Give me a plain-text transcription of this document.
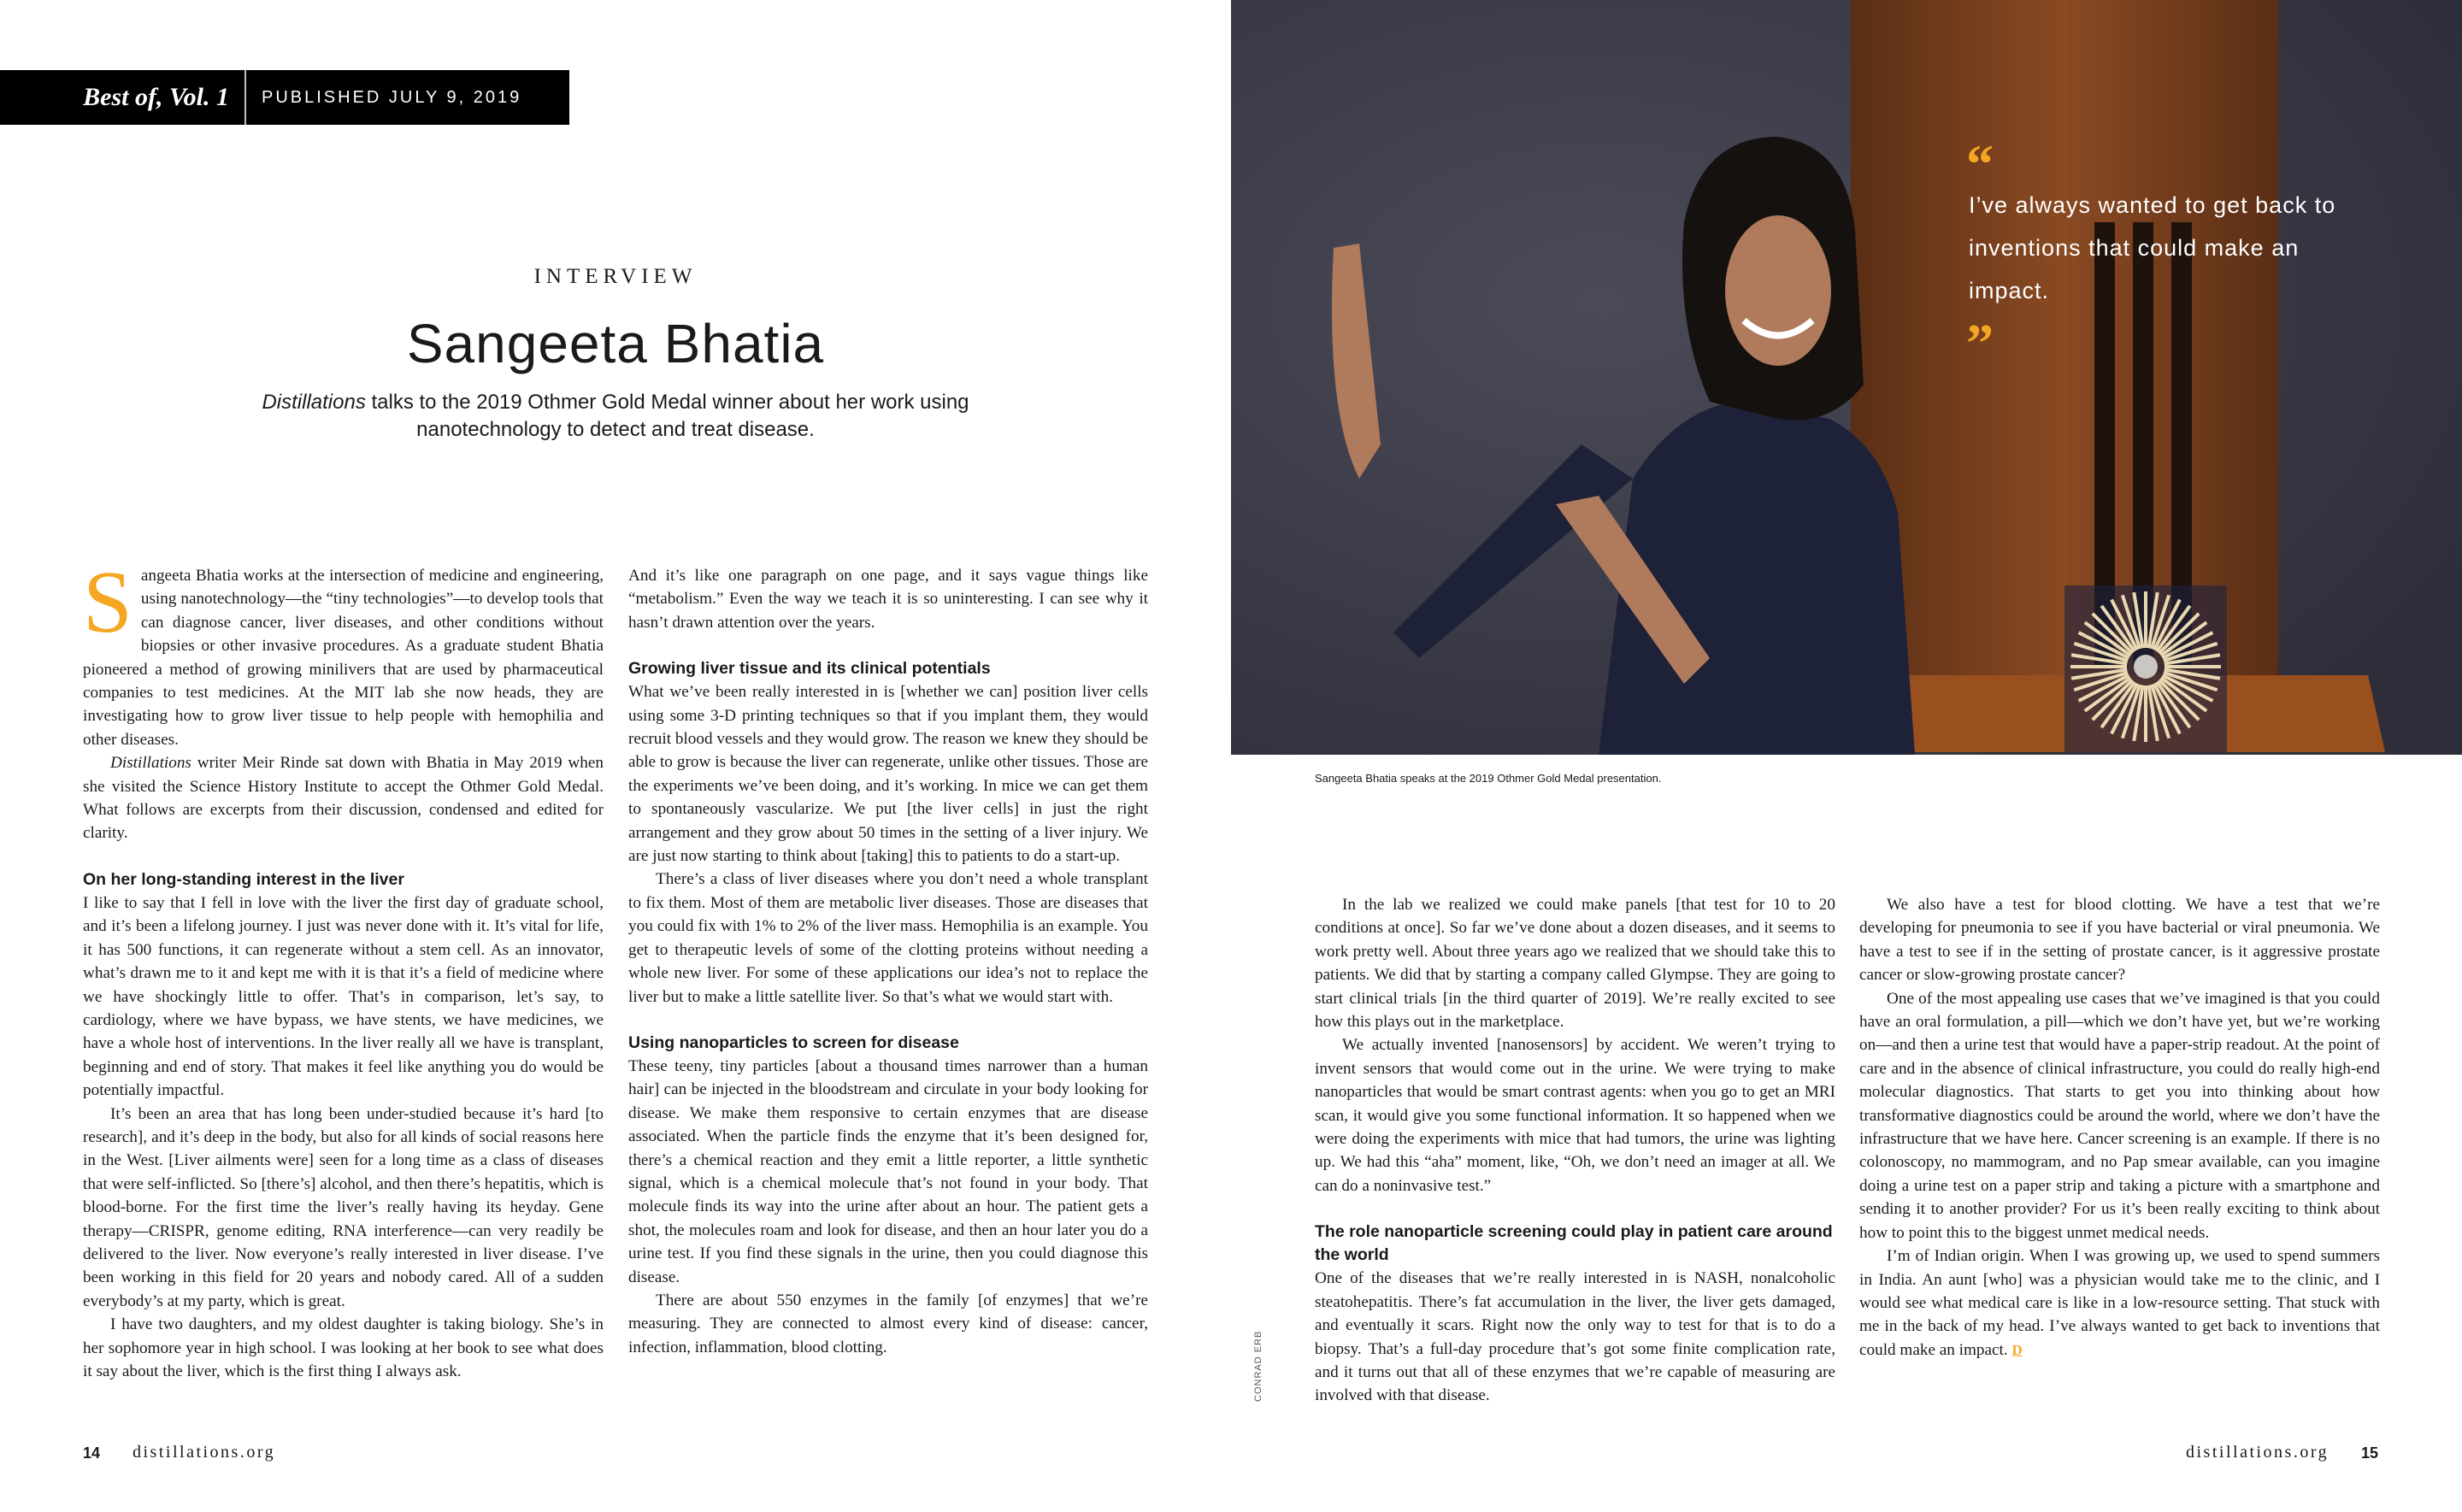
Best of, Vol. 1	PUBLISHED JULY 9, 2019
INTERVIEW
Sangeeta Bhatia
Distillations talks to the 2019 Othmer Gold Medal winner about her work using nanotechnology to detect and treat disease.

Sangeeta Bhatia works at the intersection of medicine and engineering, using nanotechnology—the “tiny technologies”—to develop tools that can diagnose cancer, liver diseases, and other conditions without biopsies or other invasive procedures. As a graduate student Bhatia pioneered a method of growing minilivers that are used by pharmaceutical companies to test medicines. At the MIT lab she now heads, they are investigating how to grow liver tissue to help people with hemophilia and other diseases.

Distillations writer Meir Rinde sat down with Bhatia in May 2019 when she visited the Science History Institute to accept the Othmer Gold Medal. What follows are excerpts from their discussion, condensed and edited for clarity.

On her long-standing interest in the liver

I like to say that I fell in love with the liver the first day of graduate school, and it’s been a lifelong journey. I just was never done with it. It’s vital for life, it has 500 functions, it can regenerate without a stem cell. As an innovator, what’s drawn me to it and kept me with it is that it’s a field of medicine where we have shockingly little to offer. That’s in comparison, let’s say, to cardiology, where we have bypass, we have stents, we have medicines, we have a whole host of interventions. In the liver really all we have is transplant, beginning and end of story. That makes it feel like anything you do would be potentially impactful.

It’s been an area that has long been under-studied because it’s hard [to research], and it’s deep in the body, but also for all kinds of social reasons here in the West. [Liver ailments were] seen for a long time as a class of diseases that were self-inflicted. So [there’s] alcohol, and then there’s hepatitis, which is blood-borne. For the first time the liver’s really having its heyday. Gene therapy—CRISPR, genome editing, RNA interference—can very readily be delivered to the liver. Now everyone’s really interested in liver disease. I’ve been working in this field for 20 years and nobody cared. All of a sudden everybody’s at my party, which is great.

I have two daughters, and my oldest daughter is taking biology. She’s in her sophomore year in high school. I was looking at her book to see what does it say about the liver, which is the first thing I always ask.

And it’s like one paragraph on one page, and it says vague things like “metabolism.” Even the way we teach it is so uninteresting. I can see why it hasn’t drawn attention over the years.

Growing liver tissue and its clinical potentials

What we’ve been really interested in is [whether we can] position liver cells using some 3-D printing techniques so that if you implant them, they would recruit blood vessels and they would grow. The reason we knew they should be able to grow is because the liver can regenerate, unlike other tissues. Those are the experiments we’ve been doing, and it’s working. In mice we can get them to spontaneously vascularize. We put [the liver cells] in just the right arrangement and they grow about 50 times in the setting of a liver injury. We are just now starting to think about [taking] this to patients to do a start-up.

There’s a class of liver diseases where you don’t need a whole transplant to fix them. Most of them are metabolic liver diseases. Those are diseases that you could fix with 1% to 2% of the liver mass. Hemophilia is an example. You get to therapeutic levels of some of the clotting proteins without needing a whole new liver. For some of these applications our idea’s not to replace the liver but to make a little satellite liver. So that’s what we would start with.

Using nanoparticles to screen for disease

These teeny, tiny particles [about a thousand times narrower than a human hair] can be injected in the bloodstream and circulate in your body looking for disease. We make them responsive to certain enzymes that are disease associated. When the particle finds the enzyme that it’s been designed for, there’s a chemical reaction and they emit a little reporter, a little synthetic signal, which is a chemical molecule that’s not found in your body. That molecule finds its way into the urine after about an hour. The patient gets a shot, the molecules roam and look for disease, and then an hour later you do a urine test. If you find these signals in the urine, then you could diagnose this disease.

There are about 550 enzymes in the family [of enzymes] that we’re measuring. They are connected to almost every kind of disease: cancer, infection, inflammation, blood clotting.

“
I’ve always wanted to get back to inventions that could make an impact.
”
Sangeeta Bhatia speaks at the 2019 Othmer Gold Medal presentation.
CONRAD ERB

In the lab we realized we could make panels [that test for 10 to 20 conditions at once]. So far we’ve done about a dozen diseases, and it seems to work pretty well. About three years ago we realized that we should take this to patients. We did that by starting a company called Glympse. They are going to start clinical trials [in the third quarter of 2019]. We’re really excited to see how this plays out in the marketplace.

We actually invented [nanosensors] by accident. We weren’t trying to invent sensors that would come out in the urine. We were trying to make nanoparticles that would be smart contrast agents: when you go to get an MRI scan, it would give you some functional information. It so happened when we were doing the experiments with mice that had tumors, the urine was lighting up. We had this “aha” moment, like, “Oh, we don’t need an imager at all. We can do a noninvasive test.”

The role nanoparticle screening could play in patient care around the world

One of the diseases that we’re really interested in is NASH, nonalcoholic steatohepatitis. There’s fat accumulation in the liver, the liver gets damaged, and eventually it scars. Right now the only way to test for that is to do a biopsy. That’s a full-day procedure that’s got some finite complication rate, and it turns out that all of these enzymes that we’re capable of measuring are involved with that disease.

We also have a test for blood clotting. We have a test that we’re developing for pneumonia to see if you have bacterial or viral pneumonia. We have a test to see if in the setting of prostate cancer, is it aggressive prostate cancer or slow-growing prostate cancer?

One of the most appealing use cases that we’ve imagined is that you could have an oral formulation, a pill—which we don’t have yet, but we’re working on—and then a urine test that would have a paper-strip readout. At the point of care and in the absence of clinical infrastructure, you could do really high-end molecular diagnostics. That starts to get you into thinking about how transformative diagnostics could be around the world, where we don’t have the infrastructure that we have here. Cancer screening is an example. If there is no colonoscopy, no mammogram, and no Pap smear available, can you imagine doing a urine test on a paper strip and taking a picture with a smartphone and sending it to another provider? For us it’s been really exciting to think about how to point this to the biggest unmet medical needs.

I’m of Indian origin. When I was growing up, we used to spend summers in India. An aunt [who] was a physician would take me to the clinic, and I would see what medical care is like in a low-resource setting. That stuck with me in the back of my head. I’ve always wanted to get back to inventions that could make an impact. D

14 distillations.org	distillations.org 15
